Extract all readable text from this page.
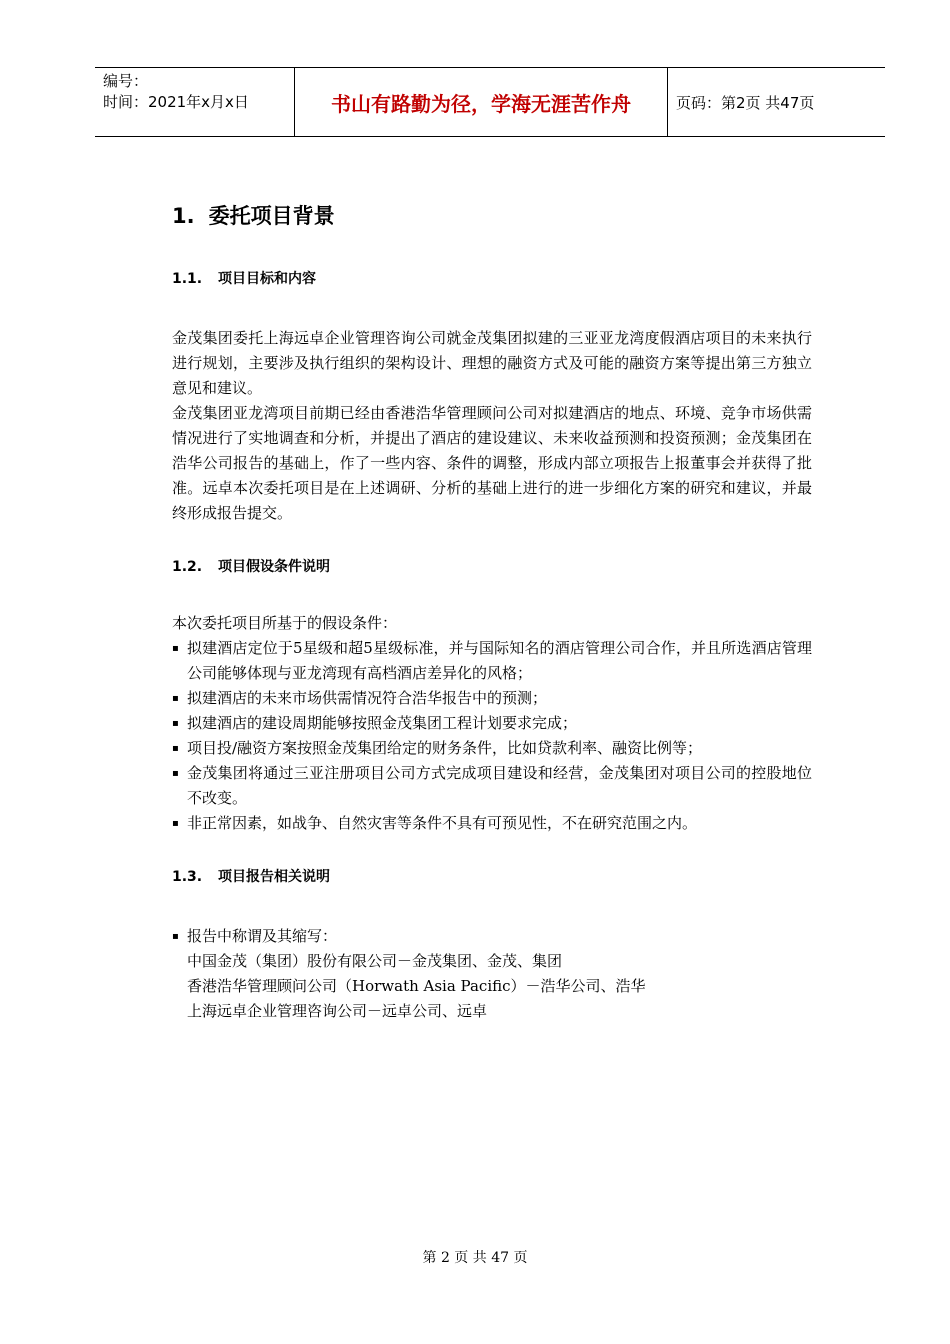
编号：
时间：2021年x月x日	书山有路勤为径，学海无涯苦作舟	页码：第2页 共47页
1. 委托项目背景
1.1. 项目目标和内容

金茂集团委托上海远卓企业管理咨询公司就金茂集团拟建的三亚亚龙湾度假酒店项目的未来执行进行规划，主要涉及执行组织的架构设计、理想的融资方式及可能的融资方案等提出第三方独立意见和建议。

金茂集团亚龙湾项目前期已经由香港浩华管理顾问公司对拟建酒店的地点、环境、竞争市场供需情况进行了实地调查和分析，并提出了酒店的建设建议、未来收益预测和投资预测；金茂集团在浩华公司报告的基础上，作了一些内容、条件的调整，形成内部立项报告上报董事会并获得了批准。远卓本次委托项目是在上述调研、分析的基础上进行的进一步细化方案的研究和建议，并最终形成报告提交。

1.2. 项目假设条件说明

本次委托项目所基于的假设条件：

▪ 拟建酒店定位于5星级和超5星级标准，并与国际知名的酒店管理公司合作，并且所选酒店管理公司能够体现与亚龙湾现有高档酒店差异化的风格；
▪ 拟建酒店的未来市场供需情况符合浩华报告中的预测；
▪ 拟建酒店的建设周期能够按照金茂集团工程计划要求完成；
▪ 项目投/融资方案按照金茂集团给定的财务条件，比如贷款利率、融资比例等；
▪ 金茂集团将通过三亚注册项目公司方式完成项目建设和经营，金茂集团对项目公司的控股地位不改变。
▪ 非正常因素，如战争、自然灾害等条件不具有可预见性，不在研究范围之内。
1.3. 项目报告相关说明
▪ 报告中称谓及其缩写：
中国金茂（集团）股份有限公司－金茂集团、金茂、集团
香港浩华管理顾问公司（Horwath Asia Pacific）－浩华公司、浩华
上海远卓企业管理咨询公司－远卓公司、远卓
第 2 页 共 47 页
